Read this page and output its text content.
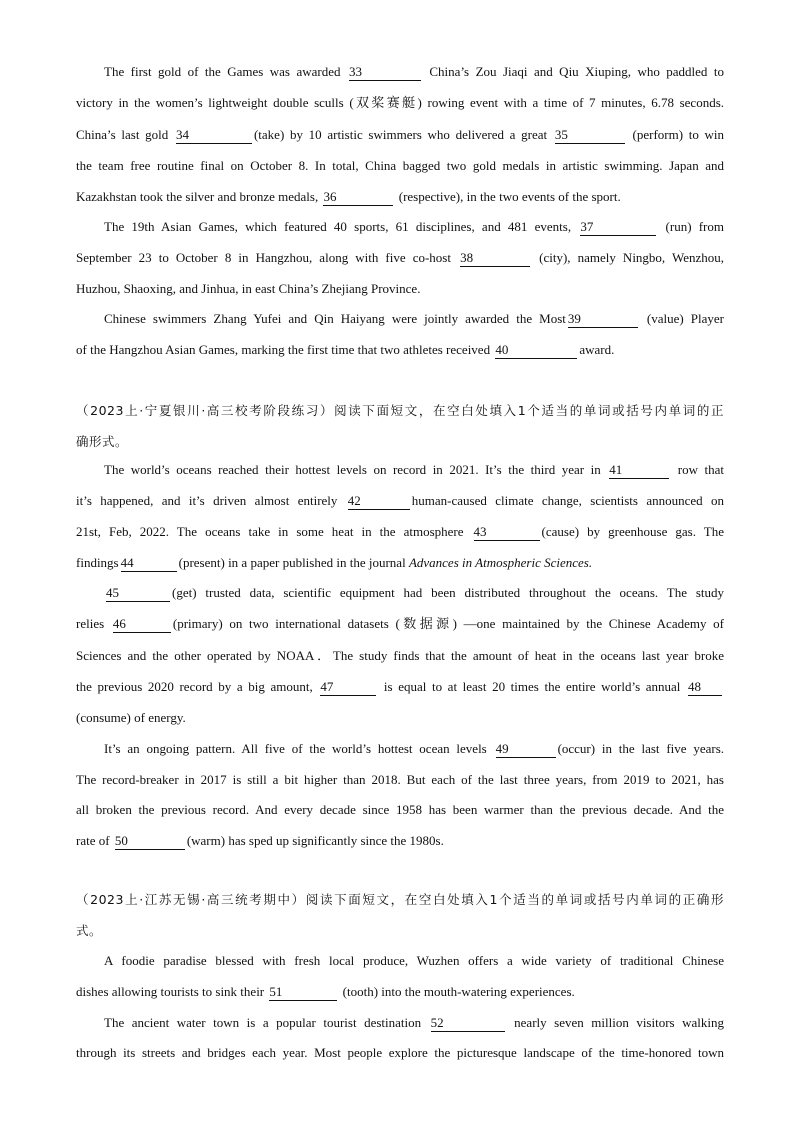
The first gold of the Games was awarded 33	China’s Zou Jiaqi and Qiu Xiuping, who paddled to
victory in the women’s lightweight double sculls (双桨赛艇) rowing event with a time of 7 minutes, 6.78 seconds.
China’s last gold 34	(take) by 10 artistic swimmers who delivered a great 35	(perform) to win
the team free routine final on October 8. In total, China bagged two gold medals in artistic swimming. Japan and
Kazakhstan took the silver and bronze medals, 36	(respective), in the two events of the sport.
The 19th Asian Games, which featured 40 sports, 61 disciplines, and 481 events, 37	(run) from
September 23 to October 8 in Hangzhou, along with five co-host 38	(city), namely Ningbo, Wenzhou,
Huzhou, Shaoxing, and Jinhua, in east China’s Zhejiang Province.
Chinese swimmers Zhang Yufei and Qin Haiyang were jointly awarded the Most 39	(value) Player
of the Hangzhou Asian Games, marking the first time that two athletes received 40	award.
（2023上·宁夏银川·高三校考阶段练习）阅读下面短文，在空白处填入1个适当的单词或括号内单词的正
确形式。
The world’s oceans reached their hottest levels on record in 2021. It’s the third year in 41	row that
it’s happened, and it’s driven almost entirely 42	human-caused climate change, scientists announced on
21st, Feb, 2022. The oceans take in some heat in the atmosphere 43	(cause) by greenhouse gas. The
findings 44	(present) in a paper published in the journal Advances in Atmospheric Sciences.
45	(get) trusted data, scientific equipment had been distributed throughout the oceans. The study
relies 46	(primary) on two international datasets (数据源) —one maintained by the Chinese Academy of
Sciences and the other operated by NOAA．The study finds that the amount of heat in the oceans last year broke
the previous 2020 record by a big amount, 47	is equal to at least 20 times the entire world’s annual 48
(consume) of energy.
It’s an ongoing pattern. All five of the world’s hottest ocean levels 49	(occur) in the last five years.
The record-breaker in 2017 is still a bit higher than 2018. But each of the last three years, from 2019 to 2021, has
all broken the previous record. And every decade since 1958 has been warmer than the previous decade. And the
rate of 50	(warm) has sped up significantly since the 1980s.
（2023上·江苏无锡·高三统考期中）阅读下面短文，在空白处填入1个适当的单词或括号内单词的正确形
式。
A foodie paradise blessed with fresh local produce, Wuzhen offers a wide variety of traditional Chinese
dishes allowing tourists to sink their 51	(tooth) into the mouth-watering experiences.
The ancient water town is a popular tourist destination 52	nearly seven million visitors walking
through its streets and bridges each year. Most people explore the picturesque landscape of the time-honored town
